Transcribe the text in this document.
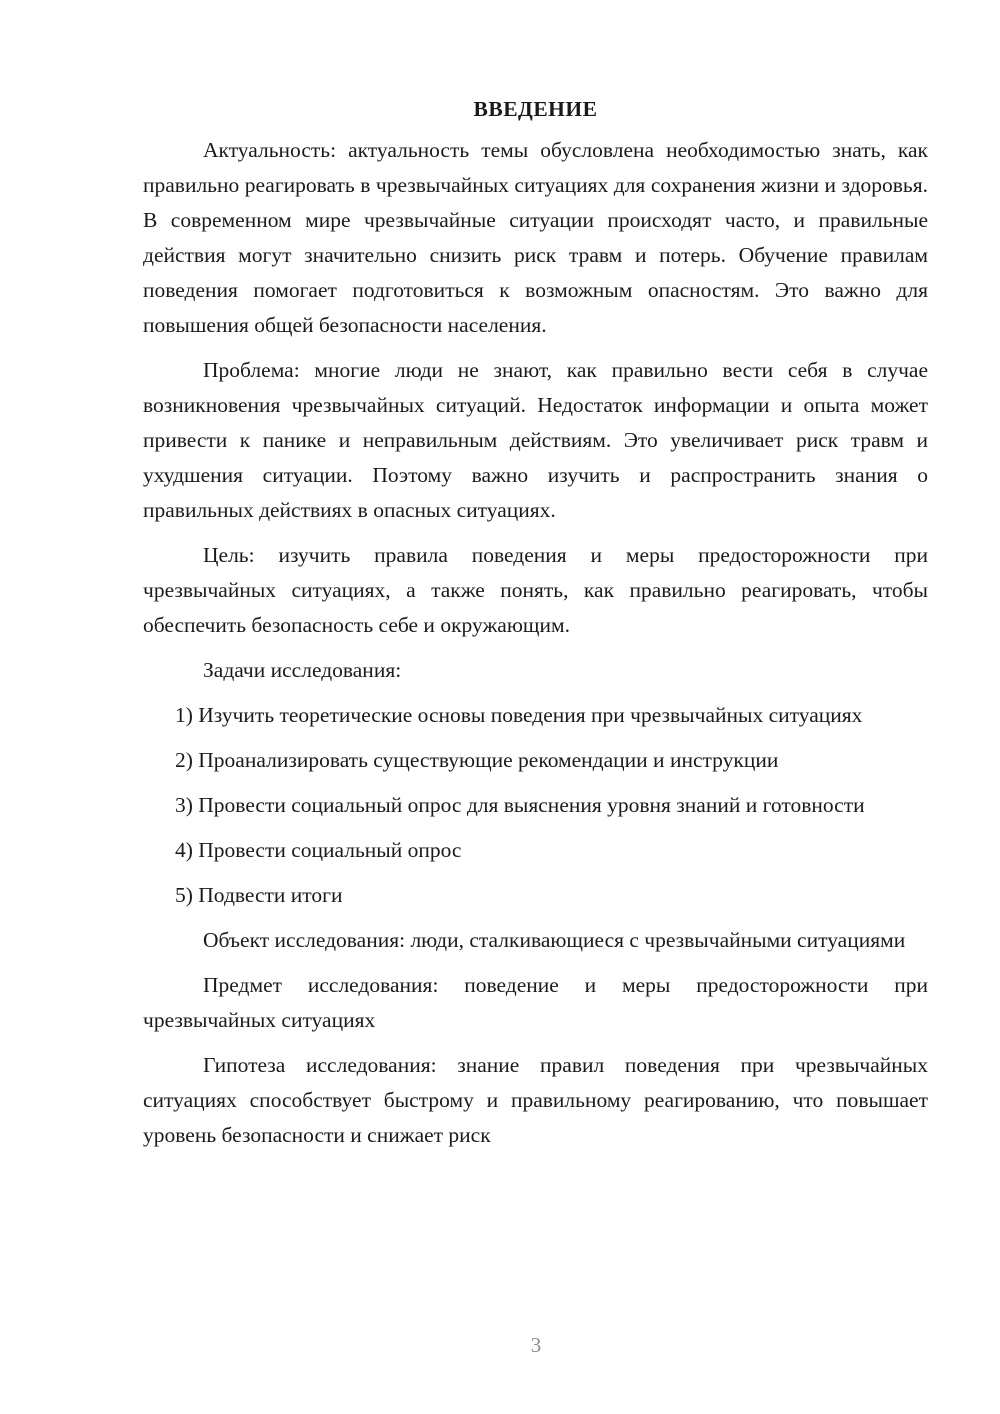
ВВЕДЕНИЕ

Актуальность: актуальность темы обусловлена необходимостью знать, как правильно реагировать в чрезвычайных ситуациях для сохранения жизни и здоровья. В современном мире чрезвычайные ситуации происходят часто, и правильные действия могут значительно снизить риск травм и потерь. Обучение правилам поведения помогает подготовиться к возможным опасностям. Это важно для повышения общей безопасности населения.

Проблема: многие люди не знают, как правильно вести себя в случае возникновения чрезвычайных ситуаций. Недостаток информации и опыта может привести к панике и неправильным действиям. Это увеличивает риск травм и ухудшения ситуации. Поэтому важно изучить и распространить знания о правильных действиях в опасных ситуациях.

Цель: изучить правила поведения и меры предосторожности при чрезвычайных ситуациях, а также понять, как правильно реагировать, чтобы обеспечить безопасность себе и окружающим.

Задачи исследования:

1) Изучить теоретические основы поведения при чрезвычайных ситуациях

2) Проанализировать существующие рекомендации и инструкции

3) Провести социальный опрос для выяснения уровня знаний и готовности

4) Провести социальный опрос

5) Подвести итоги

Объект исследования: люди, сталкивающиеся с чрезвычайными ситуациями

Предмет исследования: поведение и меры предосторожности при чрезвычайных ситуациях

Гипотеза исследования: знание правил поведения при чрезвычайных ситуациях способствует быстрому и правильному реагированию, что повышает уровень безопасности и снижает риск

3
